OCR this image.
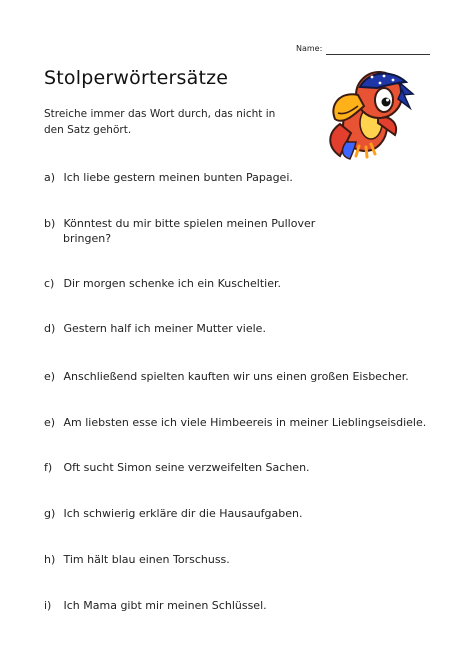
Name:
Stolperwörtersätze
Streiche immer das Wort durch, das nicht in
den Satz gehört.
a) Ich liebe gestern meinen bunten Papagei.
b) Könntest du mir bitte spielen meinen Pullover
bringen?
c) Dir morgen schenke ich ein Kuscheltier.
d) Gestern half ich meiner Mutter viele.
e) Anschließend spielten kauften wir uns einen großen Eisbecher.
e) Am liebsten esse ich viele Himbeereis in meiner Lieblingseisdiele.
f) Oft sucht Simon seine verzweifelten Sachen.
g) Ich schwierig erkläre dir die Hausaufgaben.
h) Tim hält blau einen Torschuss.
i) Ich Mama gibt mir meinen Schlüssel.
